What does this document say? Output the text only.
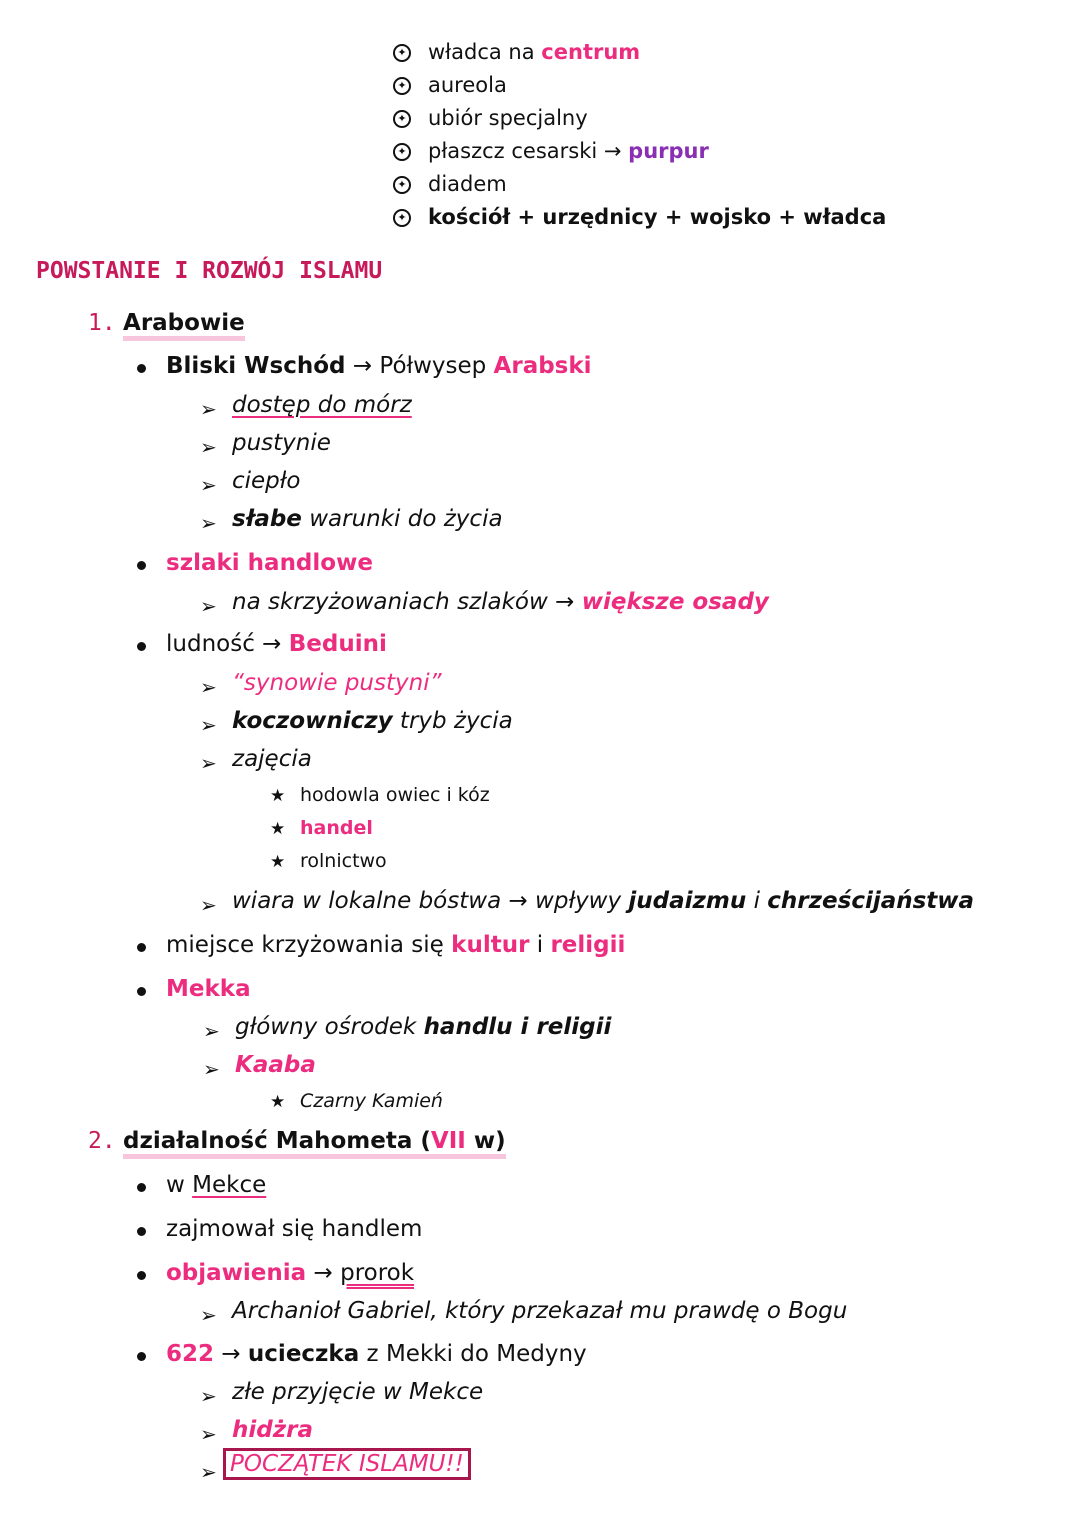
✦
władca na centrum
✦
aureola
✦
ubiór specjalny
✦
płaszcz cesarski → purpur
✦
diadem
✦
kościół + urzędnicy + wojsko + władca
POWSTANIE I ROZWÓJ ISLAMU
1. Arabowie
Bliski Wschód → Półwysep Arabski
➢ dostęp do mórz
➢ pustynie
➢ ciepło
➢ słabe warunki do życia
szlaki handlowe
➢ na skrzyżowaniach szlaków → większe osady
ludność → Beduini
➢ “synowie pustyni”
➢ koczowniczy tryb życia
➢ zajęcia
★ hodowla owiec i kóz
★ handel
★ rolnictwo
➢ wiara w lokalne bóstwa → wpływy judaizmu i chrześcijaństwa
miejsce krzyżowania się kultur i religii
Mekka
➢ główny ośrodek handlu i religii
➢ Kaaba
★ Czarny Kamień
2. działalność Mahometa (VII w)
w Mekce
zajmował się handlem
objawienia → prorok
➢ Archanioł Gabriel, który przekazał mu prawdę o Bogu
622 → ucieczka z Mekki do Medyny
➢ złe przyjęcie w Mekce
➢ hidżra
➢ POCZĄTEK ISLAMU!!
